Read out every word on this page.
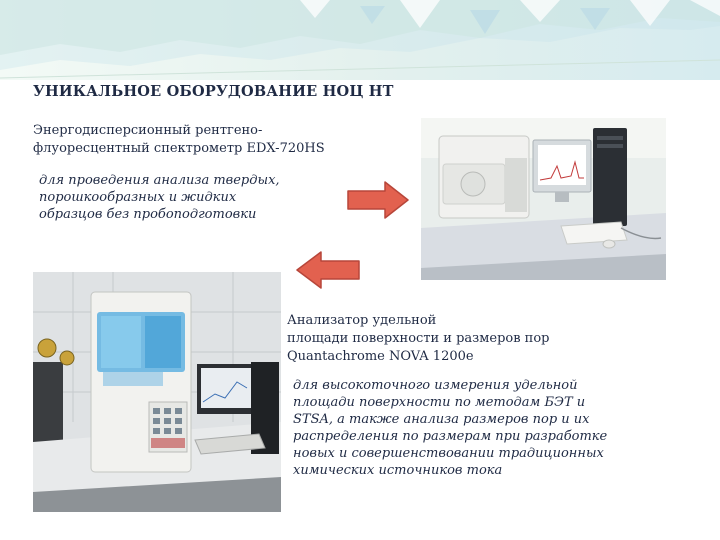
УНИКАЛЬНОЕ ОБОРУДОВАНИЕ НОЦ НТ
Энергодисперсионный рентгено-
флуоресцентный спектрометр EDX-720HS
для проведения анализа твердых,
порошкообразных и жидких
образцов без пробоподготовки
Анализатор удельной
площади поверхности и размеров пор
Quantachrome NOVA 1200e
для высокоточного измерения удельной
площади поверхности по методам БЭТ и
STSA, а также анализа размеров пор и их
распределения по размерам при разработке
новых и совершенствовании традиционных
химических источников тока
